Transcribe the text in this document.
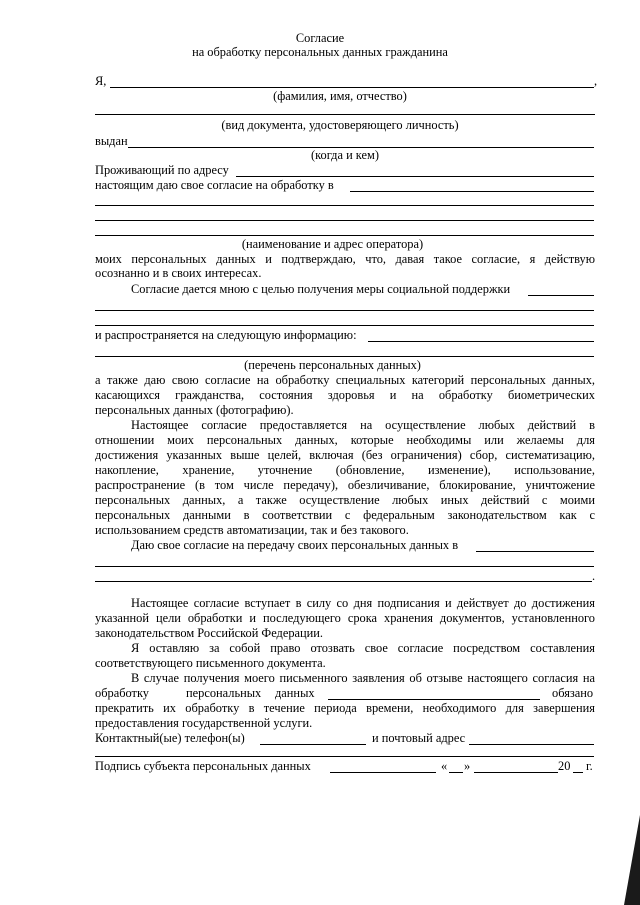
Согласие
на обработку персональных данных гражданина
Я,	,
(фамилия, имя, отчество)
(вид документа, удостоверяющего личность)
выдан
(когда и кем)
Проживающий по адресу
настоящим даю свое согласие на обработку в
(наименование и адрес оператора)
моих персональных данных и подтверждаю, что, давая такое согласие, я действую
осознанно и в своих интересах.
Согласие дается мною с целью получения меры социальной поддержки
и распространяется на следующую информацию:
(перечень персональных данных)
а также даю свою согласие на обработку специальных категорий персональных данных,
касающихся гражданства, состояния здоровья и на обработку биометрических
персональных данных (фотографию).
Настоящее согласие предоставляется на осуществление любых действий в
отношении моих персональных данных, которые необходимы или желаемы для
достижения указанных выше целей, включая (без ограничения) сбор, систематизацию,
накопление, хранение, уточнение (обновление, изменение), использование,
распространение (в том числе передачу), обезличивание, блокирование, уничтожение
персональных данных, а также осуществление любых иных действий с моими
персональных данными в соответствии с федеральным законодательством как с
использованием средств автоматизации, так и без такового.
Даю свое согласие на передачу своих персональных данных в
.
Настоящее согласие вступает в силу со дня подписания и действует до достижения
указанной цели обработки и последующего срока хранения документов, установленного
законодательством Российской Федерации.
Я оставляю за собой право отозвать свое согласие посредством составления
соответствующего письменного документа.
В случае получения моего письменного заявления об отзыве настоящего согласия на
обработку	персональных данных	обязано
прекратить их обработку в течение периода времени, необходимого для завершения
предоставления государственной услуги.
Контактный(ые) телефон(ы)	и почтовый адрес
Подпись субъекта персональных данных	« »	20 г.
